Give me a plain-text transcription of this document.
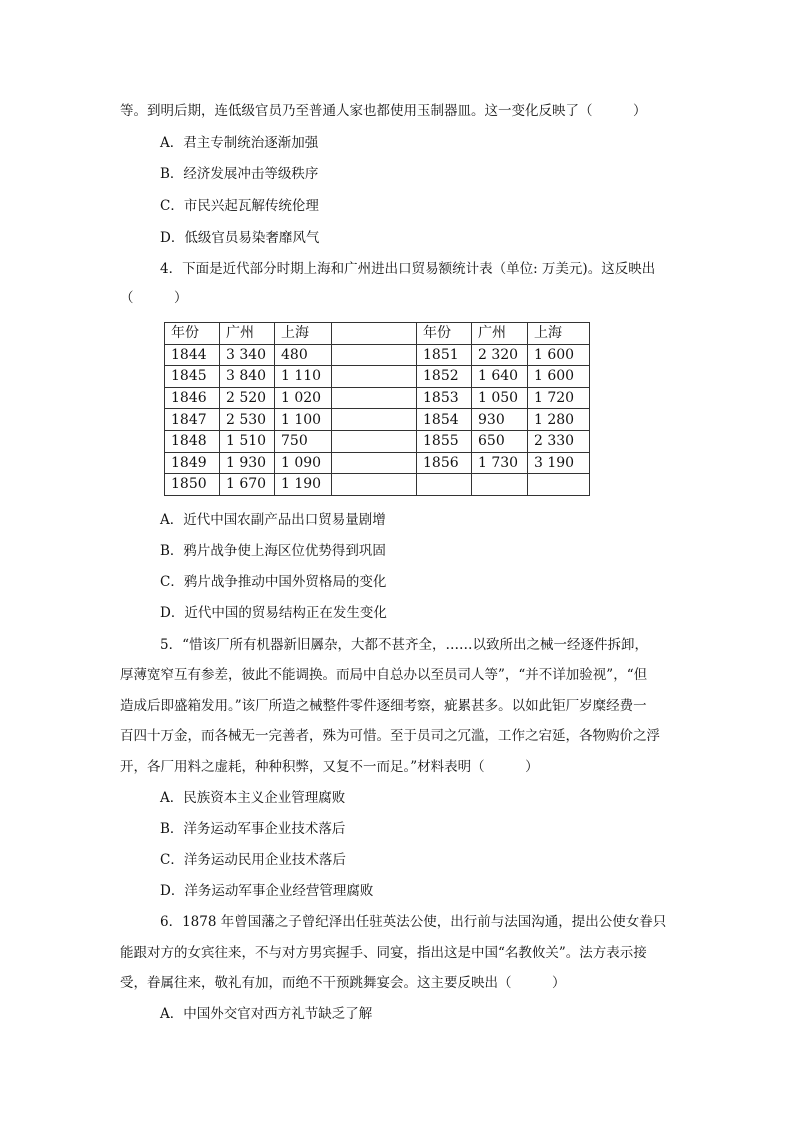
等。到明后期，连低级官员乃至普通人家也都使用玉制器皿。这一变化反映了（　　　）
A．君主专制统治逐渐加强
B．经济发展冲击等级秩序
C．市民兴起瓦解传统伦理
D．低级官员易染奢靡风气
4．下面是近代部分时期上海和广州进出口贸易额统计表（单位: 万美元)。这反映出
（　　　）
年份	广州	上海		年份	广州	上海
1844	3 340	480		1851	2 320	1 600
1845	3 840	1 110		1852	1 640	1 600
1846	2 520	1 020		1853	1 050	1 720
1847	2 530	1 100		1854	930	1 280
1848	1 510	750		1855	650	2 330
1849	1 930	1 090		1856	1 730	3 190
1850	1 670	1 190				
A．近代中国农副产品出口贸易量剧增
B．鸦片战争使上海区位优势得到巩固
C．鸦片战争推动中国外贸格局的变化
D．近代中国的贸易结构正在发生变化
5．“惜该厂所有机器新旧羼杂，大都不甚齐全，……以致所出之械一经逐件拆卸，
厚薄宽窄互有参差，彼此不能调换。而局中自总办以至员司人等”，“并不详加验视”，“但
造成后即盛箱发用。”该厂所造之械整件零件逐细考察，疵累甚多。以如此钜厂岁糜经费一
百四十万金，而各械无一完善者，殊为可惜。至于员司之冗滥，工作之宕延，各物购价之浮
开，各厂用料之虚耗，种种积弊，又复不一而足。”材料表明（　　　）
A．民族资本主义企业管理腐败
B．洋务运动军事企业技术落后
C．洋务运动民用企业技术落后
D．洋务运动军事企业经营管理腐败
6．1878 年曾国藩之子曾纪泽出任驻英法公使，出行前与法国沟通，提出公使女眷只
能跟对方的女宾往来，不与对方男宾握手、同宴，指出这是中国“名教攸关”。法方表示接
受，眷属往来，敬礼有加，而绝不干预跳舞宴会。这主要反映出（　　　）
A．中国外交官对西方礼节缺乏了解
